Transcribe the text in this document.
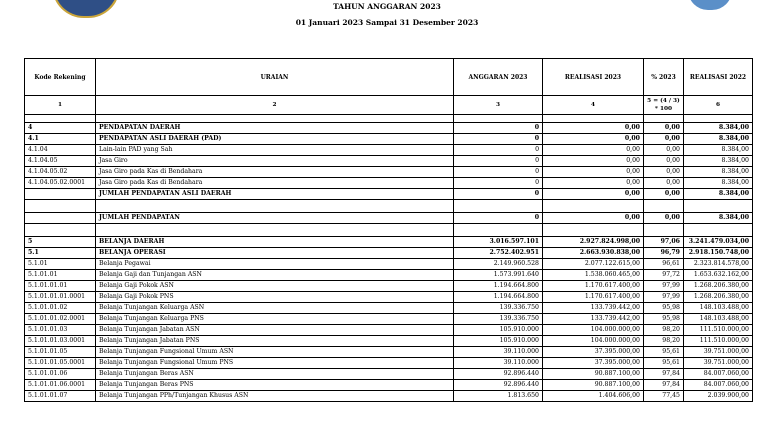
TAHUN ANGGARAN 2023
01 Januari 2023 Sampai 31 Desember 2023
Kode Rekening	URAIAN	ANGGARAN 2023	REALISASI 2023	% 2023	REALISASI 2022
1	2	3	4	5 = (4 / 3) * 100	6

4	PENDAPATAN DAERAH	0	0,00	0,00	8.384,00
4.1	PENDAPATAN ASLI DAERAH (PAD)	0	0,00	0,00	8.384,00
4.1.04	Lain-lain PAD yang Sah	0	0,00	0,00	8.384,00
4.1.04.05	Jasa Giro	0	0,00	0,00	8.384,00
4.1.04.05.02	Jasa Giro pada Kas di Bendahara	0	0,00	0,00	8.384,00
4.1.04.05.02.0001	Jasa Giro pada Kas di Bendahara	0	0,00	0,00	8.384,00
	JUMLAH PENDAPATAN ASLI DAERAH	0	0,00	0,00	8.384,00

	JUMLAH PENDAPATAN	0	0,00	0,00	8.384,00

5	BELANJA DAERAH	3.016.597.101	2.927.824.998,00	97,06	3.241.479.034,00
5.1	BELANJA OPERASI	2.752.402.951	2.663.930.838,00	96,79	2.918.150.748,00
5.1.01	Belanja Pegawai	2.149.960.528	2.077.122.615,00	96,61	2.323.814.578,00
5.1.01.01	Belanja Gaji dan Tunjangan ASN	1.573.991.640	1.538.060.465,00	97,72	1.653.632.162,00
5.1.01.01.01	Belanja Gaji Pokok ASN	1.194.664.800	1.170.617.400,00	97,99	1.268.206.380,00
5.1.01.01.01.0001	Belanja Gaji Pokok PNS	1.194.664.800	1.170.617.400,00	97,99	1.268.206.380,00
5.1.01.01.02	Belanja Tunjangan Keluarga ASN	139.336.750	133.739.442,00	95,98	148.103.488,00
5.1.01.01.02.0001	Belanja Tunjangan Keluarga PNS	139.336.750	133.739.442,00	95,98	148.103.488,00
5.1.01.01.03	Belanja Tunjangan Jabatan ASN	105.910.000	104.000.000,00	98,20	111.510.000,00
5.1.01.01.03.0001	Belanja Tunjangan Jabatan PNS	105.910.000	104.000.000,00	98,20	111.510.000,00
5.1.01.01.05	Belanja Tunjangan Fungsional Umum ASN	39.110.000	37.395.000,00	95,61	39.751.000,00
5.1.01.01.05.0001	Belanja Tunjangan Fungsional Umum PNS	39.110.000	37.395.000,00	95,61	39.751.000,00
5.1.01.01.06	Belanja Tunjangan Beras ASN	92.896.440	90.887.100,00	97,84	84.007.060,00
5.1.01.01.06.0001	Belanja Tunjangan Beras PNS	92.896.440	90.887.100,00	97,84	84.007.060,00
5.1.01.01.07	Belanja Tunjangan PPh/Tunjangan Khusus ASN	1.813.650	1.404.606,00	77,45	2.039.900,00
